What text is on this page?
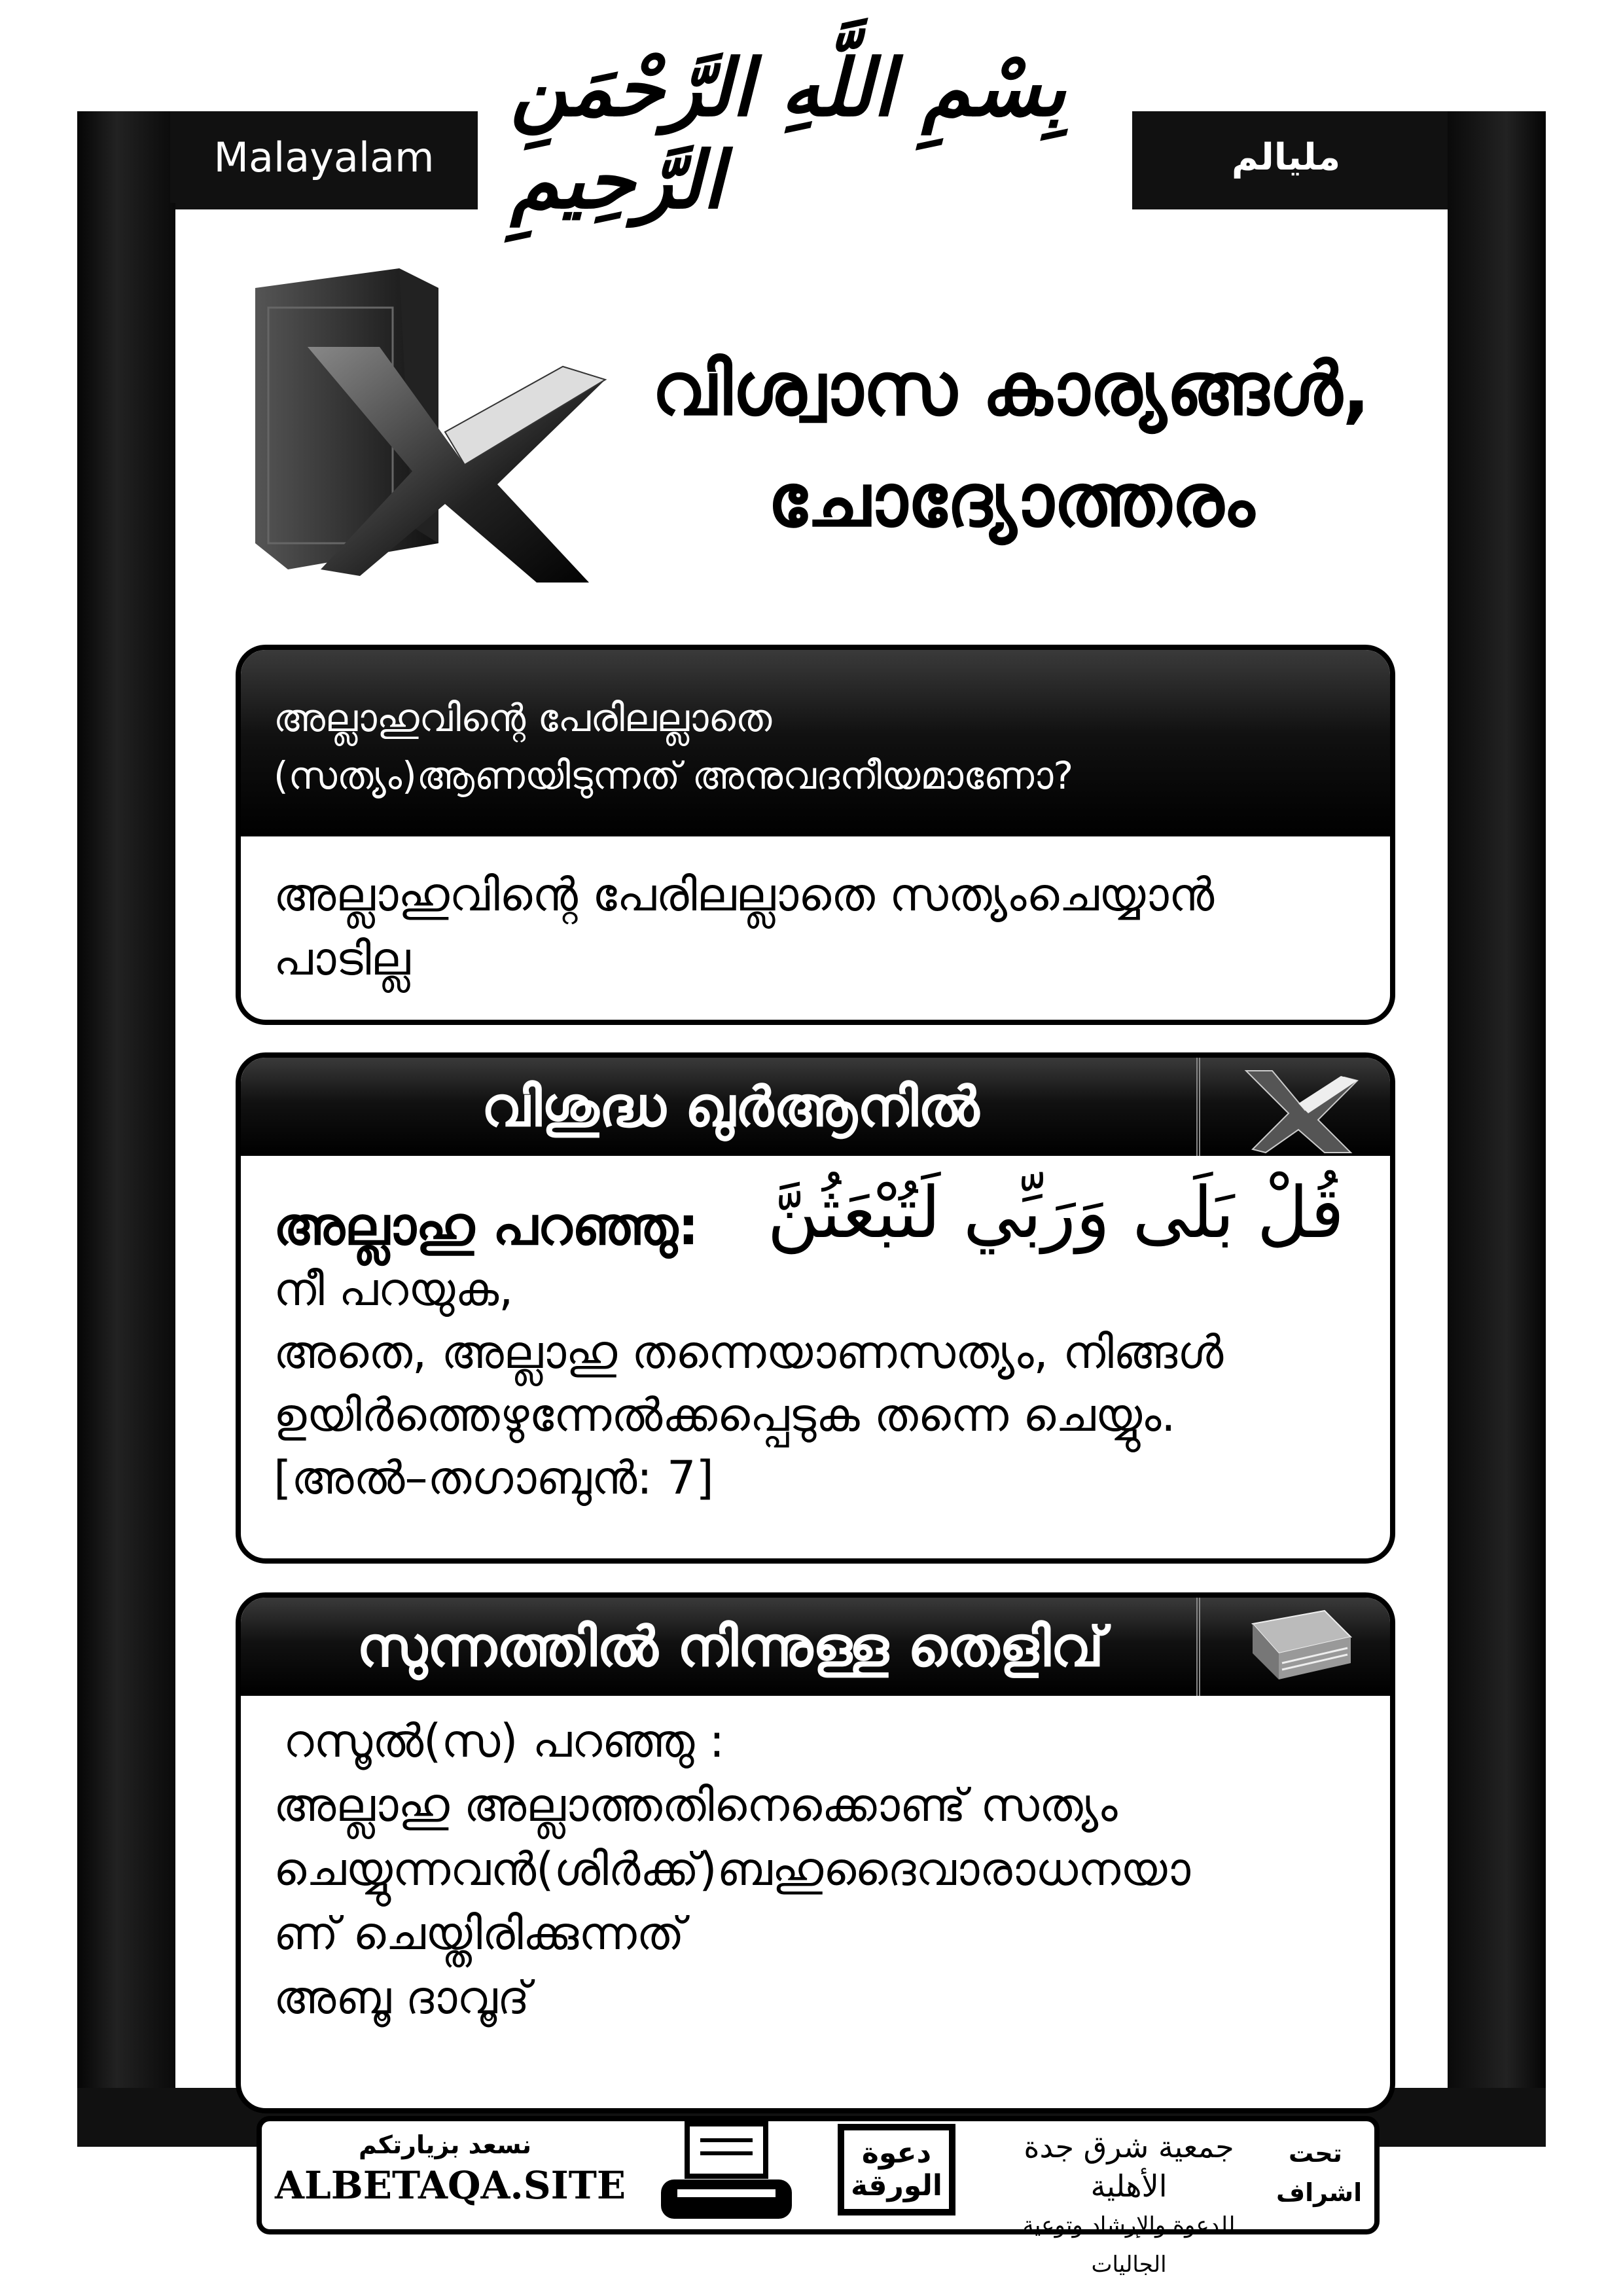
Malayalam	مليالم
بِسْمِ اللَّهِ الرَّحْمَنِ الرَّحِيمِ
വിശ്വാസ കാര്യങ്ങൾ,
ചോദ്യോത്തരം
അല്ലാഹുവിന്റെ പേരിലല്ലാതെ
(സത്യം)ആണയിടുന്നത് അനുവദനീയമാണോ?
അല്ലാഹുവിന്റെ പേരിലല്ലാതെ സത്യംചെയ്യാൻ
പാടില്ല
വിശുദ്ധ ഖുർആനിൽ
قُلْ بَلَى وَرَبِّي لَتُبْعَثُنَّ
അല്ലാഹു പറഞ്ഞു:
നീ പറയുക,
അതെ, അല്ലാഹു തന്നെയാണസത്യം, നിങ്ങൾ
ഉയിർത്തെഴുന്നേൽക്കപ്പെടുക തന്നെ ചെയ്യും.
[അൽ–തഗാബുൻ: 7]
സുന്നത്തിൽ നിന്നുള്ള തെളിവ്
റസൂൽ(സ) പറഞ്ഞു :
അല്ലാഹു അല്ലാത്തതിനെക്കൊണ്ട് സത്യം
ചെയ്യുന്നവൻ(ശിർക്ക്)ബഹുദൈവാരാധനയാ
ണ് ചെയ്തിരിക്കുന്നത്
അബൂ ദാവൂദ്
نسعد بزيارتكم
ALBETAQA.SITE
دعوة الورقة
جمعية شرق جدة الأهلية
للدعوة والإرشاد وتوعية الجاليات
تحت اشراف
